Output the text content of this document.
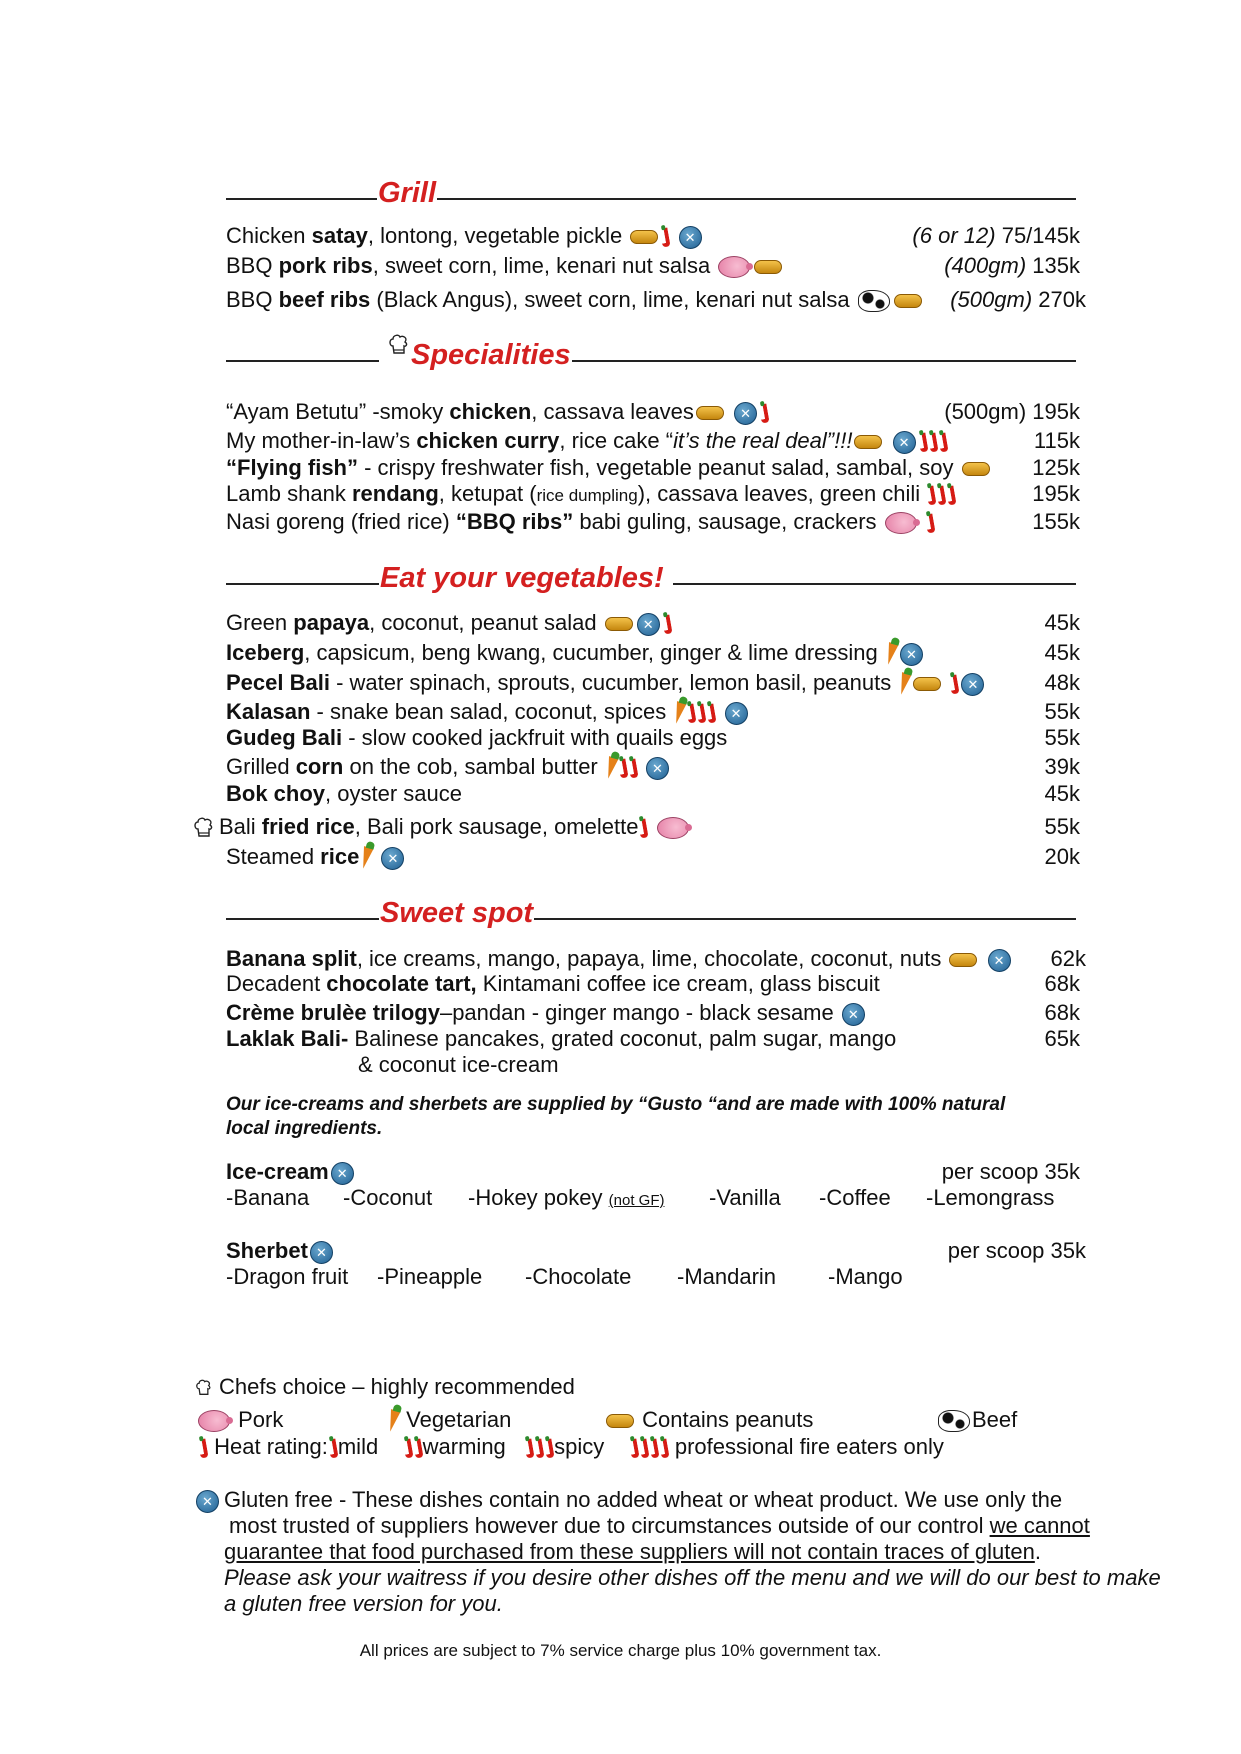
Grill
Chicken satay, lontong, vegetable pickle	✕	(6 or 12) 75/145k
BBQ pork ribs, sweet corn, lime, kenari nut salsa	(400gm) 135k
BBQ beef ribs (Black Angus), sweet corn, lime, kenari nut salsa	(500gm) 270k
Specialities
“Ayam Betutu” -smoky chicken, cassava leaves	✕	(500gm) 195k
My mother-in-law’s chicken curry, rice cake “it’s the real deal”!!!	✕	115k
“Flying fish” - crispy freshwater fish, vegetable peanut salad, sambal, soy	125k
Lamb shank rendang, ketupat (rice dumpling), cassava leaves, green chili	195k
Nasi goreng (fried rice) “BBQ ribs” babi guling, sausage, crackers	155k
Eat your vegetables!
Green papaya, coconut, peanut salad	✕	45k
Iceberg, capsicum, beng kwang, cucumber, ginger & lime dressing ✕	45k
Pecel Bali - water spinach, sprouts, cucumber, lemon basil, peanuts	✕	48k
Kalasan - snake bean salad, coconut, spices	✕	55k
Gudeg Bali - slow cooked jackfruit with quails eggs	55k
Grilled corn on the cob, sambal butter	✕	39k
Bok choy, oyster sauce	45k
Bali fried rice, Bali pork sausage, omelette	55k
Steamed rice ✕	20k
Sweet spot
Banana split, ice creams, mango, papaya, lime, chocolate, coconut, nuts	✕	62k
Decadent chocolate tart, Kintamani coffee ice cream, glass biscuit	68k
Crème brulèe trilogy–pandan - ginger mango - black sesame ✕	68k
Laklak Bali- Balinese pancakes, grated coconut, palm sugar, mango	65k
& coconut ice-cream
Our ice-creams and sherbets are supplied by “Gusto “and are made with 100% natural local ingredients.
Ice-cream ✕	per scoop 35k
-Banana -Coconut -Hokey pokey (not GF) -Vanilla -Coffee -Lemongrass
Sherbet ✕	per scoop 35k
-Dragon fruit -Pineapple -Chocolate -Mandarin -Mango
Chefs choice – highly recommended
Pork	Vegetarian	Contains peanuts	Beef
Heat rating: mild warming spicy	professional fire eaters only
✕ Gluten free - These dishes contain no added wheat or wheat product. We use only the
most trusted of suppliers however due to circumstances outside of our control we cannot
guarantee that food purchased from these suppliers will not contain traces of gluten.
Please ask your waitress if you desire other dishes off the menu and we will do our best to make a gluten free version for you.
All prices are subject to 7% service charge plus 10% government tax.
